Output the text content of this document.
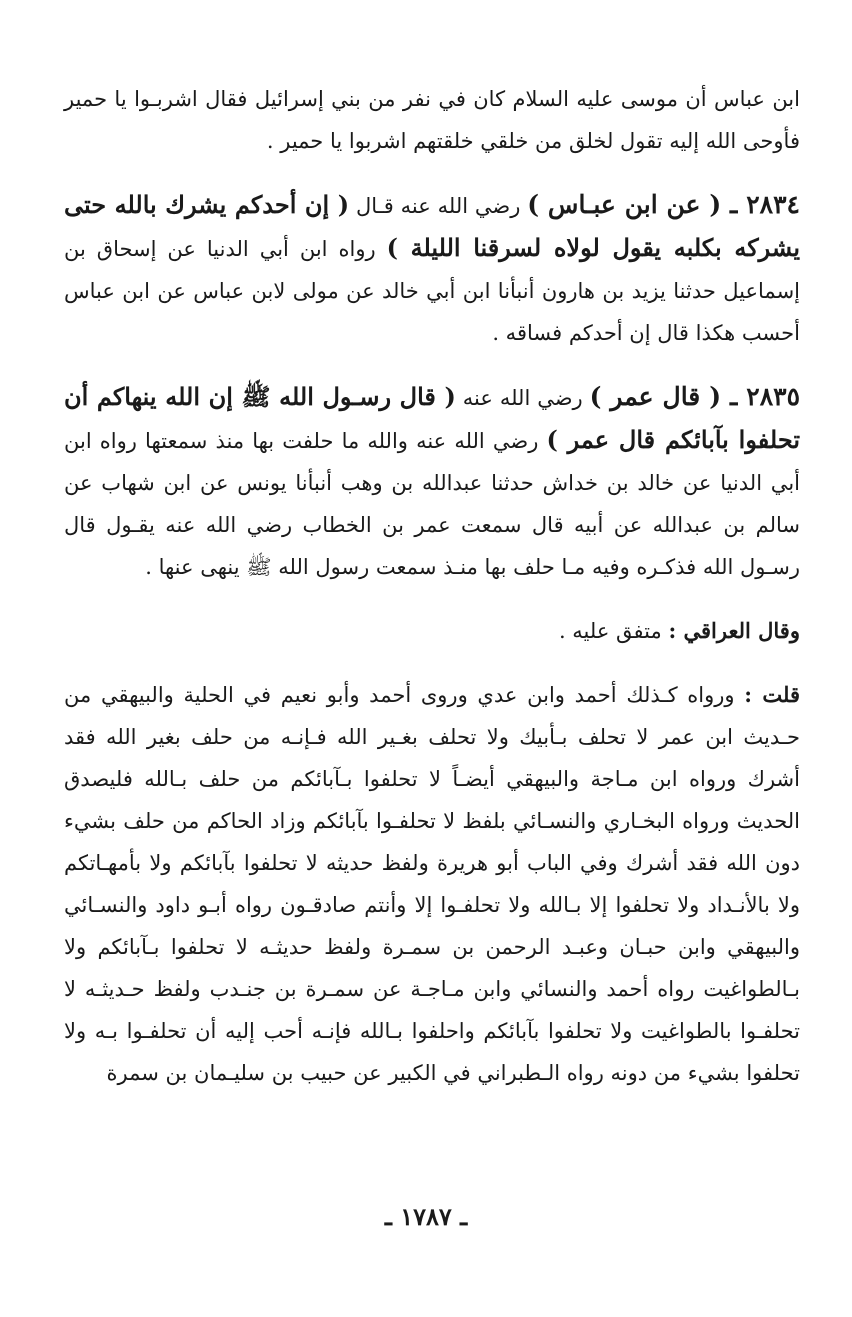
ابن عباس أن موسى عليه السلام كان في نفر من بني إسرائيل فقال اشربـوا يا حمير فأوحى الله إليه تقول لخلق من خلقي خلقتهم اشربوا يا حمير .

٢٨٣٤ ـ ( عن ابن عبـاس ) رضي الله عنه قـال ( إن أحدكم يشرك بالله حتى يشركه بكلبه يقول لولاه لسرقنا الليلة ) رواه ابن أبي الدنيا عن إسحاق بن إسماعيل حدثنا يزيد بن هارون أنبأنا ابن أبي خالد عن مولى لابن عباس عن ابن عباس أحسب هكذا قال إن أحدكم فساقه .

٢٨٣٥ ـ ( قال عمر ) رضي الله عنه ( قال رسـول الله ﷺ إن الله ينهاكم أن تحلفوا بآبائكم قال عمر ) رضي الله عنه والله ما حلفت بها منذ سمعتها رواه ابن أبي الدنيا عن خالد بن خداش حدثنا عبدالله بن وهب أنبأنا يونس عن ابن شهاب عن سالم بن عبدالله عن أبيه قال سمعت عمر بن الخطاب رضي الله عنه يقـول قال رسـول الله فذكـره وفيه مـا حلف بها منـذ سمعت رسول الله ﷺ ينهى عنها .

وقال العراقي : متفق عليه .

قلت : ورواه كـذلك أحمد وابن عدي وروى أحمد وأبو نعيم في الحلية والبيهقي من حـديث ابن عمر لا تحلف بـأبيك ولا تحلف بغـير الله فـإنـه من حلف بغير الله فقد أشرك ورواه ابن مـاجة والبيهقي أيضـاً لا تحلفوا بـآبائكم من حلف بـالله فليصدق الحديث ورواه البخـاري والنسـائي بلفظ لا تحلفـوا بآبائكم وزاد الحاكم من حلف بشيء دون الله فقد أشرك وفي الباب أبو هريرة ولفظ حديثه لا تحلفوا بآبائكم ولا بأمهـاتكم ولا بالأنـداد ولا تحلفوا إلا بـالله ولا تحلفـوا إلا وأنتم صادقـون رواه أبـو داود والنسـائي والبيهقي وابن حبـان وعبـد الرحمن بن سمـرة ولفظ حديثـه لا تحلفوا بـآبائكم ولا بـالطواغيت رواه أحمد والنسائي وابن مـاجـة عن سمـرة بن جنـدب ولفظ حـديثـه لا تحلفـوا بالطواغيت ولا تحلفوا بآبائكم واحلفوا بـالله فإنـه أحب إليه أن تحلفـوا بـه ولا تحلفوا بشيء من دونه رواه الـطبراني في الكبير عن حبيب بن سليـمان بن سمرة

ـ ١٧٨٧ ـ
